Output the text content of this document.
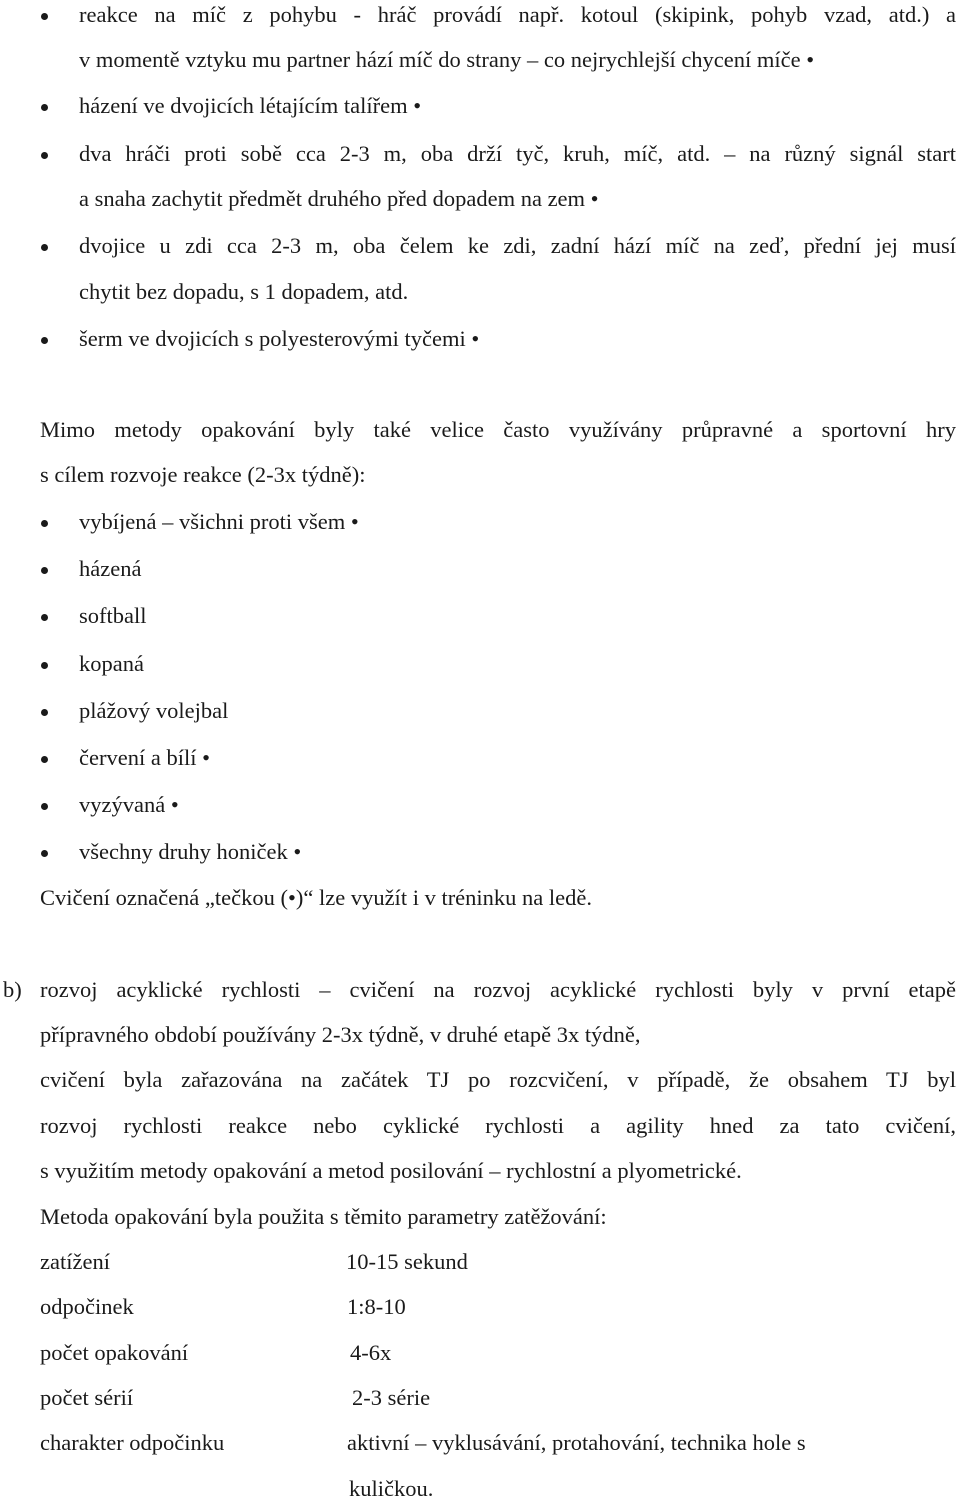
reakce na míč z pohybu - hráč provádí např. kotoul (skipink, pohyb vzad, atd.) a
v momentě vztyku mu partner hází míč do strany – co nejrychlejší chycení míče •
házení ve dvojicích létajícím talířem •
dva hráči proti sobě cca 2-3 m, oba drží tyč, kruh, míč, atd. – na různý signál start
a snaha zachytit předmět druhého před dopadem na zem •
dvojice u zdi cca 2-3 m, oba čelem ke zdi, zadní hází míč na zeď, přední jej musí
chytit bez dopadu, s 1 dopadem, atd.
šerm ve dvojicích s polyesterovými tyčemi •
Mimo metody opakování byly také velice často využívány průpravné a sportovní hry
s cílem rozvoje reakce (2-3x týdně):
vybíjená – všichni proti všem •
házená
softball
kopaná
plážový volejbal
červení a bílí •
vyzývaná •
všechny druhy honiček •
Cvičení označená „tečkou (•)“ lze využít i v tréninku na ledě.
b) rozvoj acyklické rychlosti – cvičení na rozvoj acyklické rychlosti byly v první etapě
přípravného období používány 2-3x týdně, v druhé etapě 3x týdně,
cvičení byla zařazována na začátek TJ po rozcvičení, v případě, že obsahem TJ byl
rozvoj rychlosti reakce nebo cyklické rychlosti a agility hned za tato cvičení,
s využitím metody opakování a metod posilování – rychlostní a plyometrické.
Metoda opakování byla použita s těmito parametry zatěžování:
zatížení	10-15 sekund
odpočinek	1:8-10
počet opakování	4-6x
počet sérií	2-3 série
charakter odpočinku	aktivní – vyklusávání, protahování, technika hole s
kuličkou.
